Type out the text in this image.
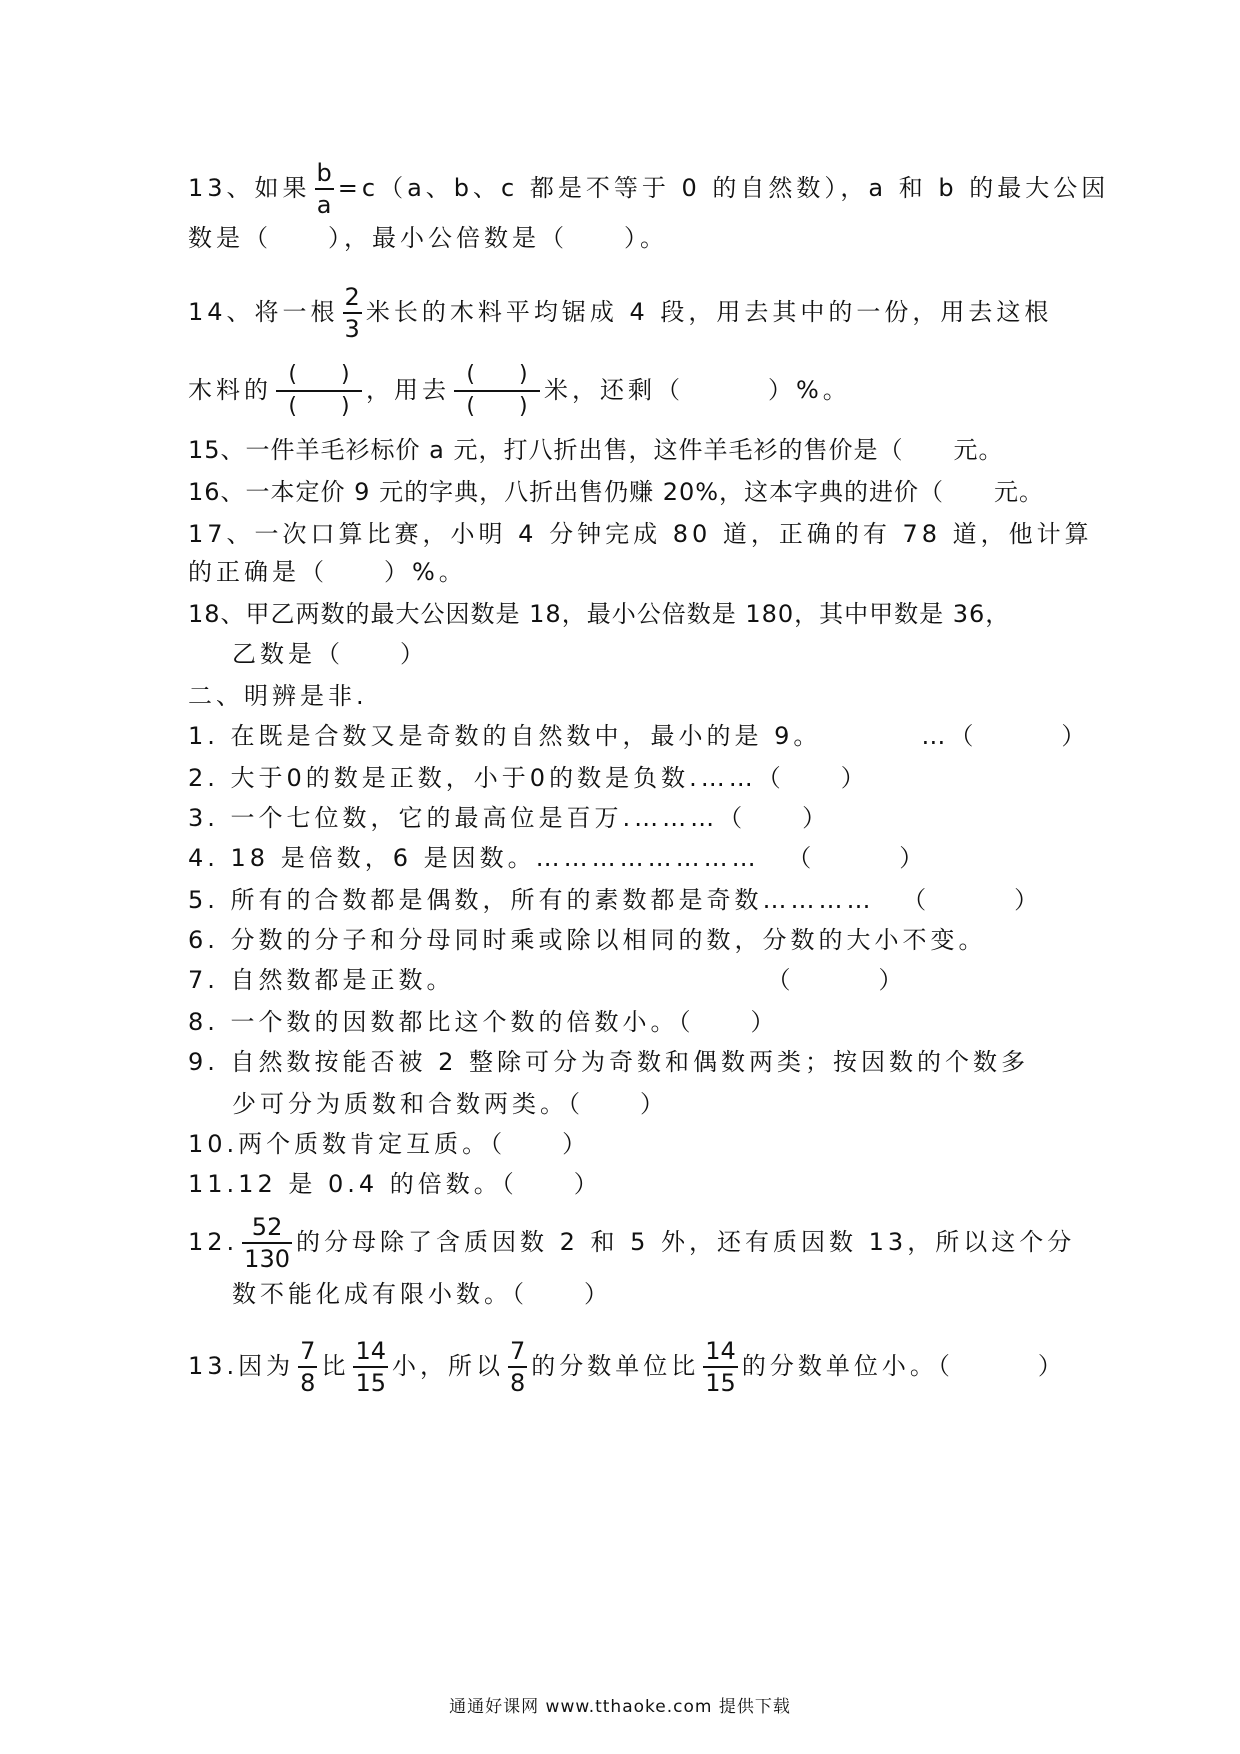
13、如果 $\frac{b}{a} =c(a$、b、c 都是不等于 0 的自然数），a 和 b 的最大公因
数是（　　），最小公倍数是（　　）。
14、将一根 $\frac{2}{3}$ 米长的木料平均锯成 4 段，用去其中的一份，用去这根
木料的 $\frac{( )}{( )}$ ，用去 $\frac{( )}{( )}$ 米，还剩（　　　）%。
15、一件羊毛衫标价 a 元，打八折出售，这件羊毛衫的售价是（　　元。
16、一本定价 9 元的字典，八折出售仍赚 20%，这本字典的进价（　　元。
17、一次口算比赛，小明 4 分钟完成 80 道，正确的有 78 道，他计算
的正确是（　　）%。
18、甲乙两数的最大公因数是 18，最小公倍数是 180，其中甲数是 36，
乙数是（　　）
二、明辨是非.
1. 在既是合数又是奇数的自然数中，最小的是 9。　　　　…（　　　）
2. 大于0的数是正数，小于0的数是负数.……（　　）
3. 一个七位数，它的最高位是百万.………（　　）
4. 18 是倍数，6 是因数。…………………… 　（　　　）
5. 所有的合数都是偶数，所有的素数都是奇数………… 　（　　　）
6. 分数的分子和分母同时乘或除以相同的数，分数的大小不变。
7. 自然数都是正数。　　　　　　　　　　　　（　　　）
8. 一个数的因数都比这个数的倍数小。（　　）
9. 自然数按能否被 2 整除可分为奇数和偶数两类；按因数的个数多
少可分为质数和合数两类。（　　）
10.两个质数肯定互质。（　　）
11.12 是 0.4 的倍数。（　　）
12. $\frac{52}{130}$ 的分母除了含质因数 2 和 5 外，还有质因数 13，所以这个分
数不能化成有限小数。（　　）
13.因为 $\frac{7}{8}$ 比 $\frac{14}{15}$ 小，所以 $\frac{7}{8}$ 的分数单位比 $\frac{14}{15}$ 的分数单位小。（　　　）
通通好课网 www.tthaoke.com 提供下载
